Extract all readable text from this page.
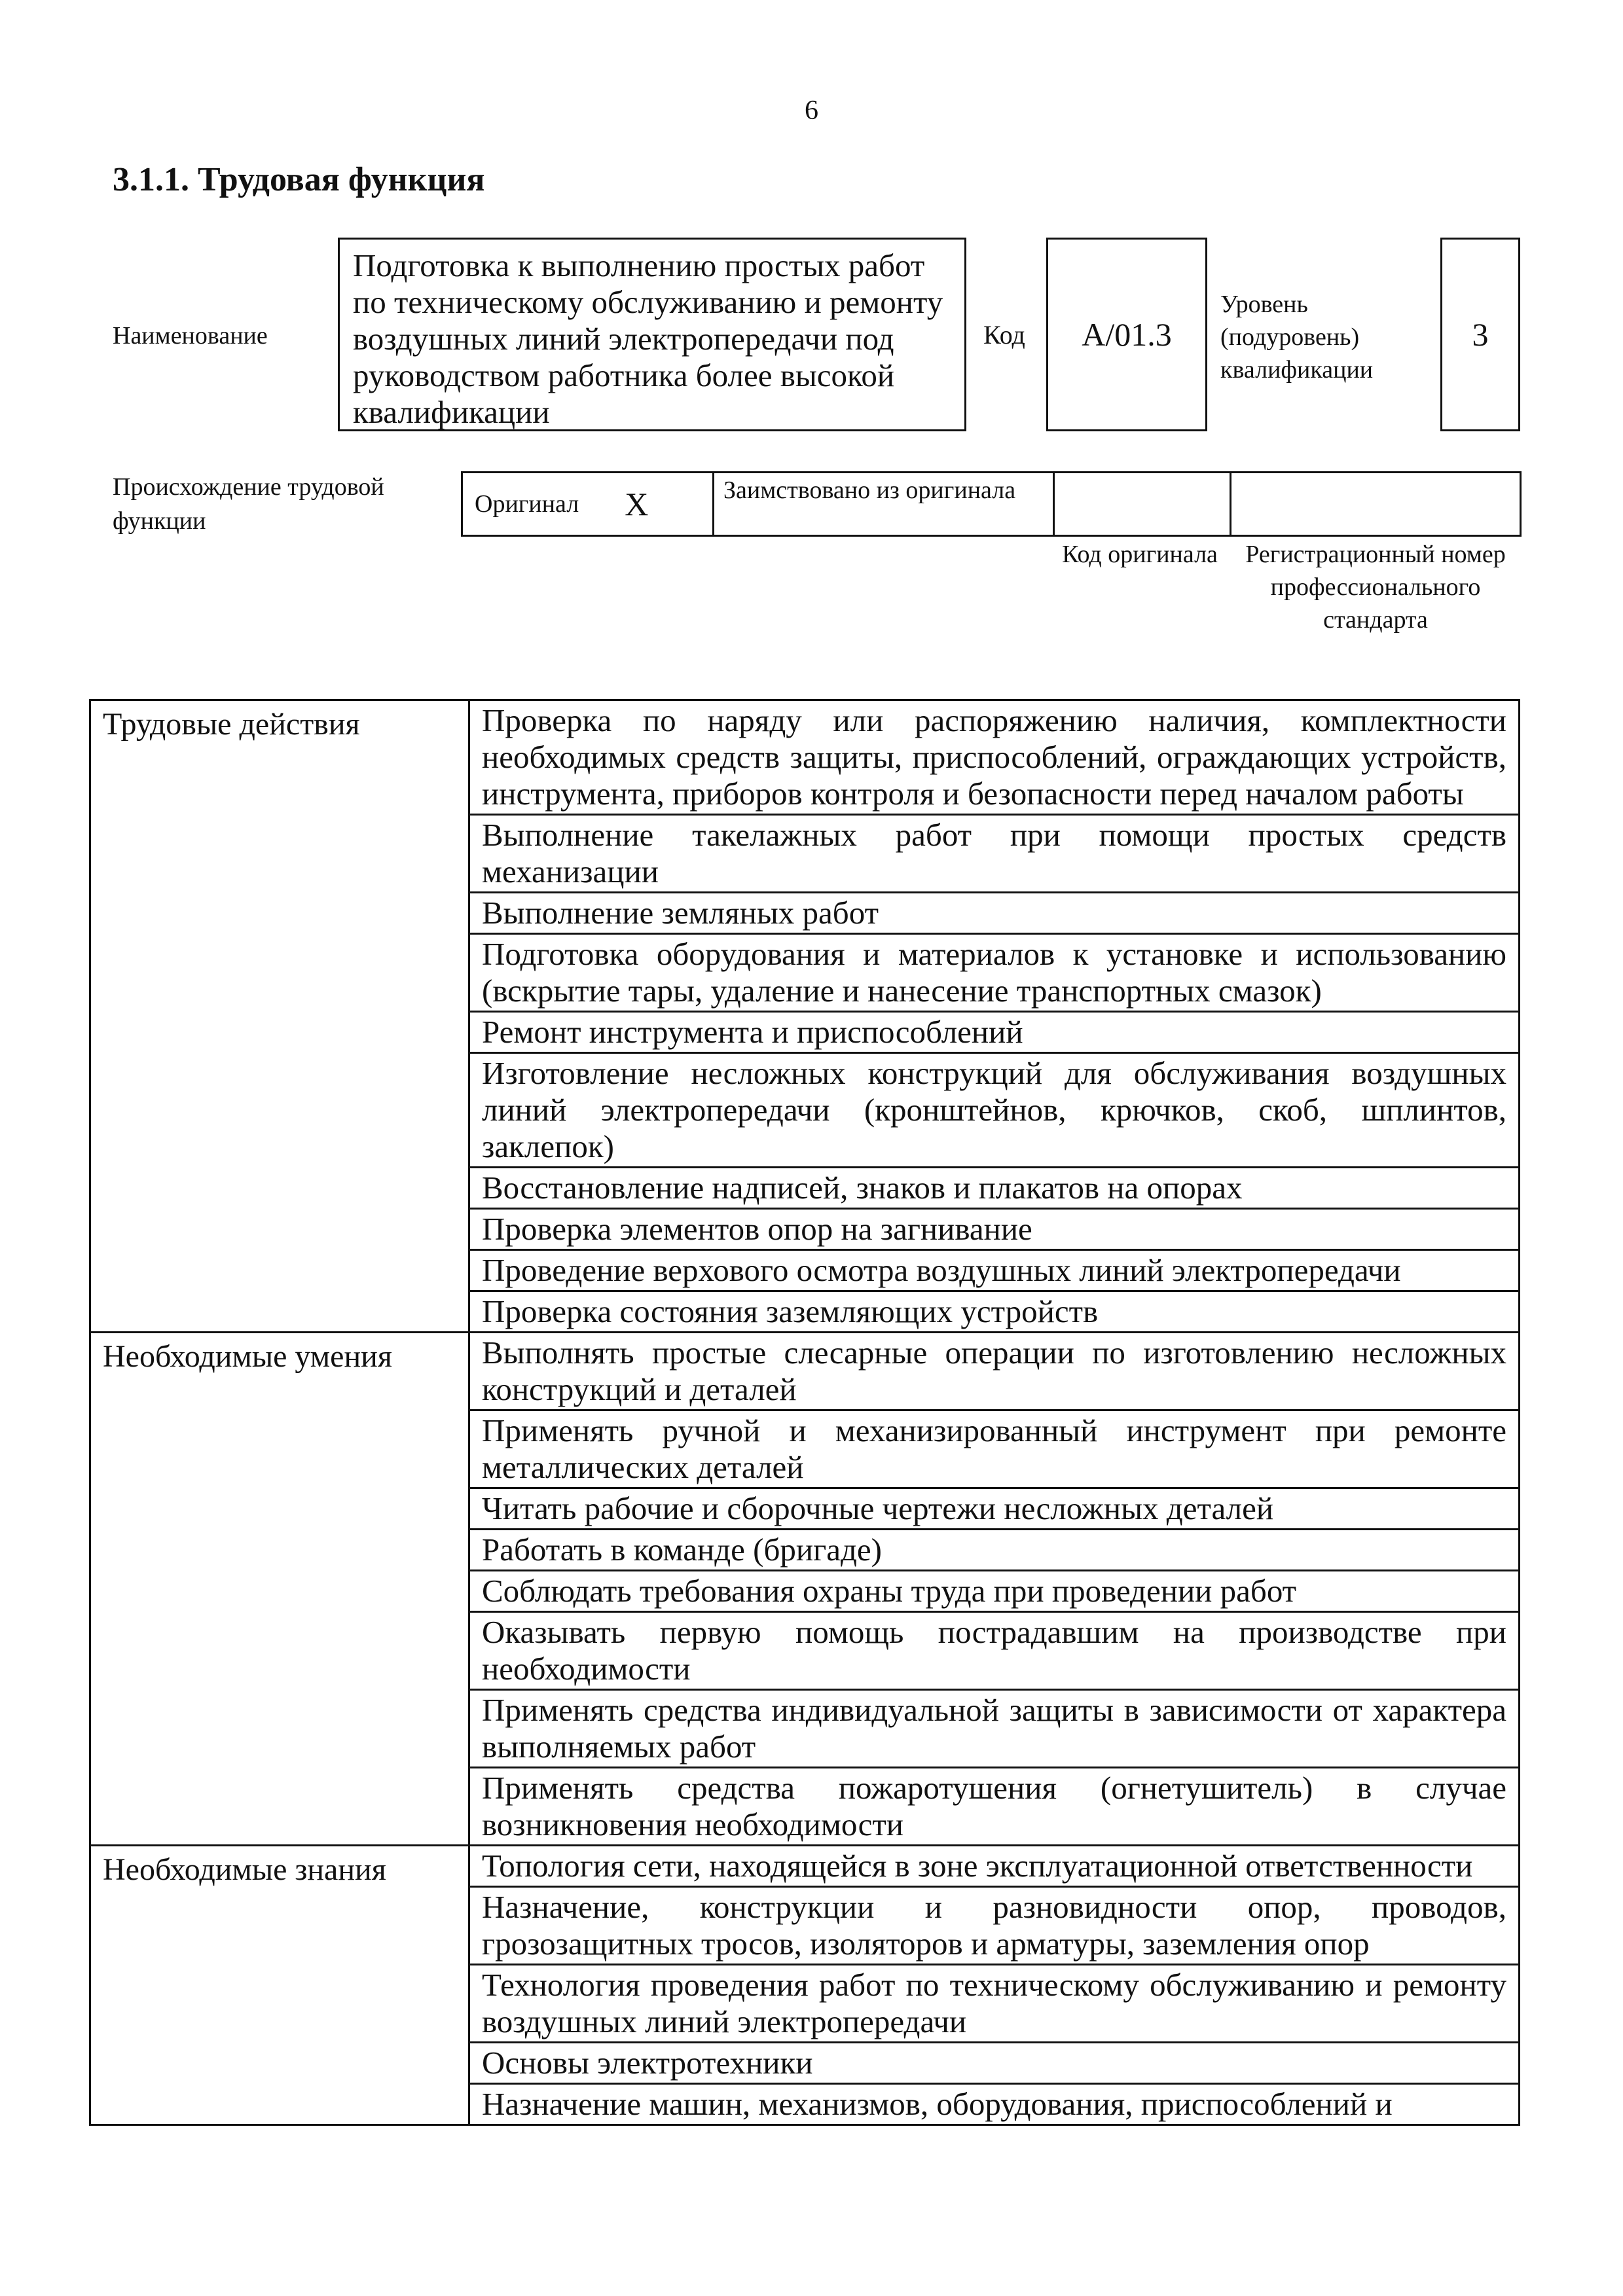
6
3.1.1. Трудовая функция
Наименование
Подготовка к выполнению простых работ по техническому обслуживанию и ремонту воздушных линий электропередачи под руководством работника более высокой квалификации
Код	А/01.3
Уровень (подуровень) квалификации
3
Происхождение трудовой функции
Оригинал X	Заимствовано из оригинала
Код оригинала	Регистрационный номер профессионального стандарта
Трудовые действия	Проверка по наряду или распоряжению наличия, комплектности необходимых средств защиты, приспособлений, ограждающих устройств, инструмента, приборов контроля и безопасности перед началом работы
	Выполнение такелажных работ при помощи простых средств механизации
	Выполнение земляных работ
	Подготовка оборудования и материалов к установке и использованию (вскрытие тары, удаление и нанесение транспортных смазок)
	Ремонт инструмента и приспособлений
	Изготовление несложных конструкций для обслуживания воздушных линий электропередачи (кронштейнов, крючков, скоб, шплинтов, заклепок)
	Восстановление надписей, знаков и плакатов на опорах
	Проверка элементов опор на загнивание
	Проведение верхового осмотра воздушных линий электропередачи
	Проверка состояния заземляющих устройств
Необходимые умения	Выполнять простые слесарные операции по изготовлению несложных конструкций и деталей
	Применять ручной и механизированный инструмент при ремонте металлических деталей
	Читать рабочие и сборочные чертежи несложных деталей
	Работать в команде (бригаде)
	Соблюдать требования охраны труда при проведении работ
	Оказывать первую помощь пострадавшим на производстве при необходимости
	Применять средства индивидуальной защиты в зависимости от характера выполняемых работ
	Применять средства пожаротушения (огнетушитель) в случае возникновения необходимости
Необходимые знания	Топология сети, находящейся в зоне эксплуатационной ответственности
	Назначение, конструкции и разновидности опор, проводов, грозозащитных тросов, изоляторов и арматуры, заземления опор
	Технология проведения работ по техническому обслуживанию и ремонту воздушных линий электропередачи
	Основы электротехники
	Назначение машин, механизмов, оборудования, приспособлений и
